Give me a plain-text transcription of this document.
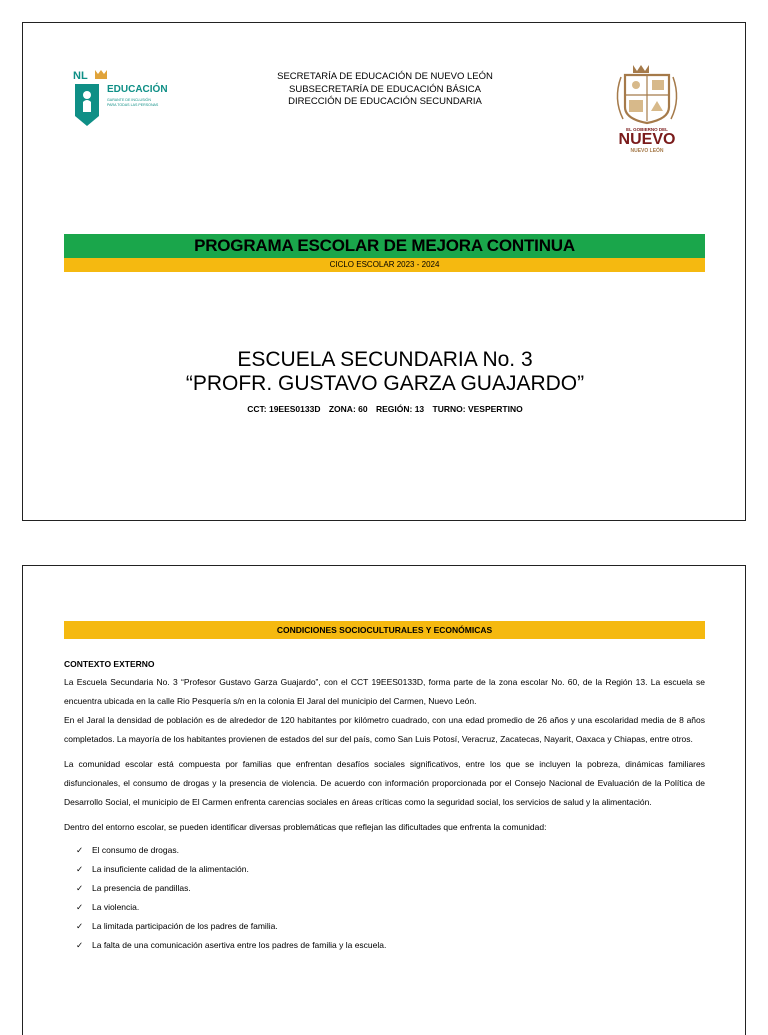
NL
EDUCACIÓN
GARANTE DE INCLUSIÓN
PARA TODAS LAS PERSONAS
SECRETARÍA DE EDUCACIÓN DE NUEVO LEÓN
SUBSECRETARÍA DE EDUCACIÓN BÁSICA
DIRECCIÓN DE EDUCACIÓN SECUNDARIA
EL GOBIERNO DEL
NUEVO
NUEVO LEÓN
PROGRAMA ESCOLAR DE MEJORA CONTINUA
CICLO ESCOLAR 2023 - 2024
ESCUELA SECUNDARIA No. 3
“PROFR. GUSTAVO GARZA GUAJARDO”
CCT: 19EES0133D ZONA: 60 REGIÓN: 13 TURNO: VESPERTINO
CONDICIONES SOCIOCULTURALES Y ECONÓMICAS
CONTEXTO EXTERNO

La Escuela Secundaria No. 3 “Profesor Gustavo Garza Guajardo”, con el CCT 19EES0133D, forma parte de la zona escolar No. 60, de la Región 13. La escuela se encuentra ubicada en la calle Rio Pesquería s/n en la colonia El Jaral del municipio del Carmen, Nuevo León.

En el Jaral la densidad de población es de alrededor de 120 habitantes por kilómetro cuadrado, con una edad promedio de 26 años y una escolaridad media de 8 años completados. La mayoría de los habitantes provienen de estados del sur del país, como San Luis Potosí, Veracruz, Zacatecas, Nayarit, Oaxaca y Chiapas, entre otros.

La comunidad escolar está compuesta por familias que enfrentan desafíos sociales significativos, entre los que se incluyen la pobreza, dinámicas familiares disfuncionales, el consumo de drogas y la presencia de violencia. De acuerdo con información proporcionada por el Consejo Nacional de Evaluación de la Política de Desarrollo Social, el municipio de El Carmen enfrenta carencias sociales en áreas críticas como la seguridad social, los servicios de salud y la alimentación.

Dentro del entorno escolar, se pueden identificar diversas problemáticas que reflejan las dificultades que enfrenta la comunidad:

✓ El consumo de drogas.
✓ La insuficiente calidad de la alimentación.
✓ La presencia de pandillas.
✓ La violencia.
✓ La limitada participación de los padres de familia.
✓ La falta de una comunicación asertiva entre los padres de familia y la escuela.
